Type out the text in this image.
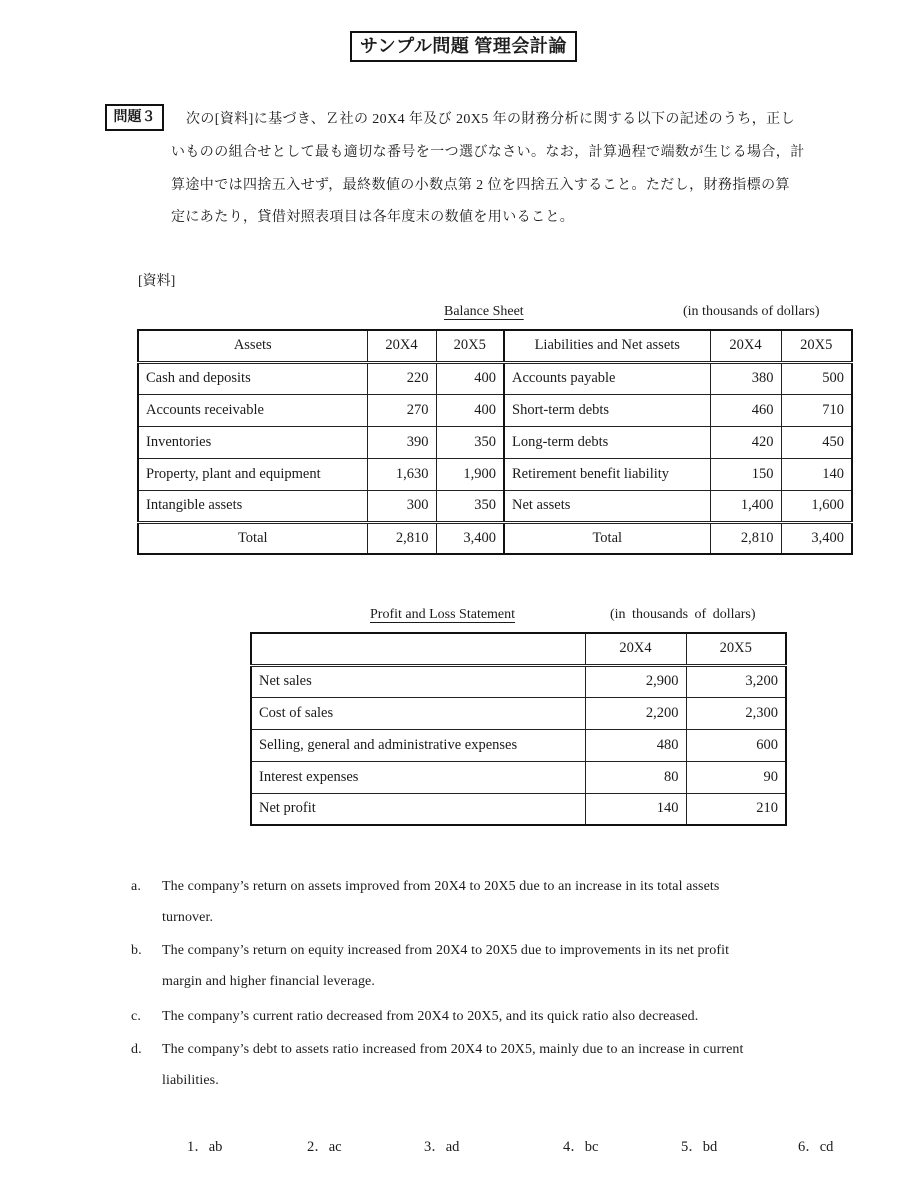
サンプル問題 管理会計論
問題３	次の[資料]に基づき、Ｚ社の 20X4 年及び 20X5 年の財務分析に関する以下の記述のうち，正し
いものの組合せとして最も適切な番号を一つ選びなさい。なお，計算過程で端数が生じる場合，計
算途中では四捨五入せず，最終数値の小数点第 2 位を四捨五入すること。ただし，財務指標の算
定にあたり，貸借対照表項目は各年度末の数値を用いること。
[資料]
Balance Sheet	(in thousands of dollars)
Assets	20X4	20X5	Liabilities and Net assets	20X4	20X5
Cash and deposits	220	400	Accounts payable	380	500
Accounts receivable	270	400	Short-term debts	460	710
Inventories	390	350	Long-term debts	420	450
Property, plant and equipment	1,630	1,900	Retirement benefit liability	150	140
Intangible assets	300	350	Net assets	1,400	1,600
Total	2,810	3,400	Total	2,810	3,400
Profit and Loss Statement	(in thousands of dollars)
	20X4	20X5
Net sales	2,900	3,200
Cost of sales	2,200	2,300
Selling, general and administrative expenses	480	600
Interest expenses	80	90
Net profit	140	210
a. The company’s return on assets improved from 20X4 to 20X5 due to an increase in its total assets
turnover.
b. The company’s return on equity increased from 20X4 to 20X5 due to improvements in its net profit
margin and higher financial leverage.
c. The company’s current ratio decreased from 20X4 to 20X5, and its quick ratio also decreased.
d. The company’s debt to assets ratio increased from 20X4 to 20X5, mainly due to an increase in current
liabilities.
1．ab	2．ac	3．ad	4．bc	5．bd	6．cd
